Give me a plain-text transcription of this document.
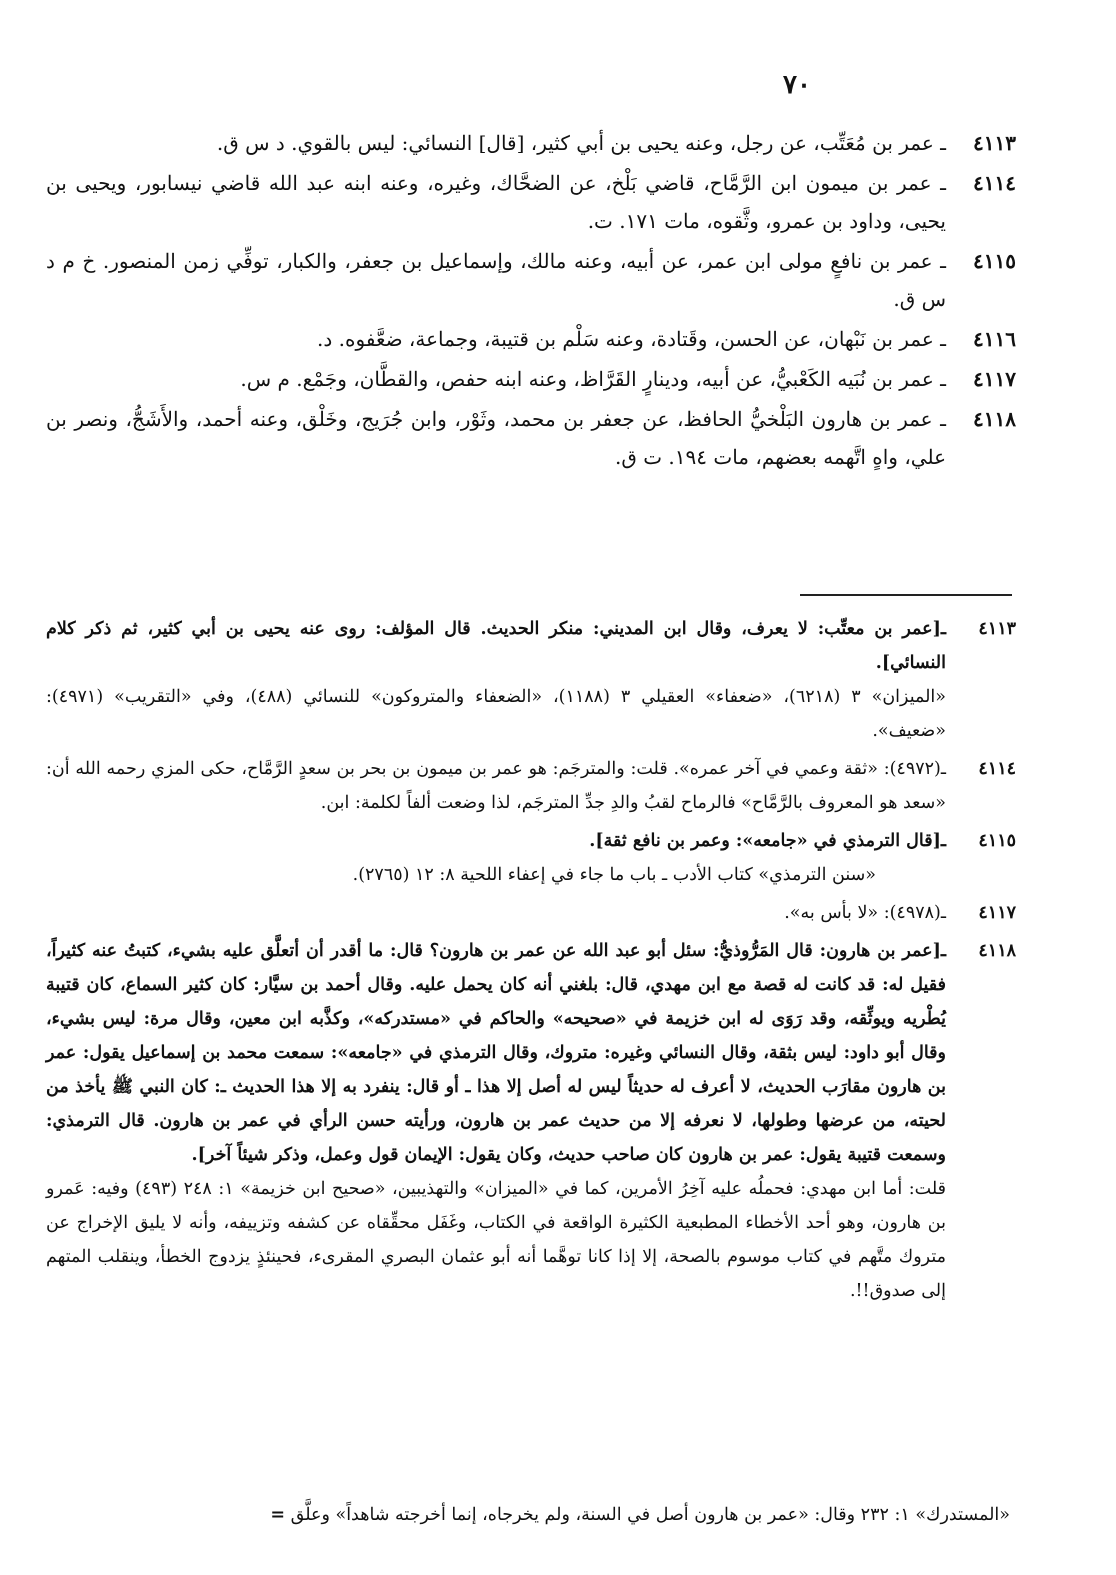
٧٠
٤١١٣
ـ عمر بن مُعَتِّب، عن رجل، وعنه يحيى بن أبي كثير، [قال] النسائي: ليس بالقوي. د س ق.
٤١١٤
ـ عمر بن ميمون ابن الرَّمَّاح، قاضي بَلْخ، عن الضحَّاك، وغيره، وعنه ابنه عبد الله قاضي نيسابور، ويحيى بن يحيى، وداود بن عمرو، وثَّقوه، مات ١٧١. ت.
٤١١٥
ـ عمر بن نافعٍ مولى ابن عمر، عن أبيه، وعنه مالك، وإسماعيل بن جعفر، والكبار، توفِّي زمن المنصور. خ م د س ق.
٤١١٦
ـ عمر بن نَبْهان، عن الحسن، وقَتادة، وعنه سَلْم بن قتيبة، وجماعة، ضعَّفوه. د.
٤١١٧
ـ عمر بن نُبَيه الكَعْبيُّ، عن أبيه، ودينارٍ القَرَّاظ، وعنه ابنه حفص، والقطَّان، وجَمْع. م س.
٤١١٨
ـ عمر بن هارون البَلْخيُّ الحافظ، عن جعفر بن محمد، وثَوْر، وابن جُرَيج، وخَلْق، وعنه أحمد، والأَشَجُّ، ونصر بن علي، واهٍ اتَّهمه بعضهم، مات ١٩٤. ت ق.
٤١١٣
ـ[عمر بن معتِّب: لا يعرف، وقال ابن المديني: منكر الحديث. قال المؤلف: روى عنه يحيى بن أبي كثير، ثم ذكر كلام النسائي].
«الميزان» ٣ (٦٢١٨)، «ضعفاء» العقيلي ٣ (١١٨٨)، «الضعفاء والمتروكون» للنسائي (٤٨٨)، وفي «التقريب» (٤٩٧١): «ضعيف».
٤١١٤
ـ(٤٩٧٢): «ثقة وعمي في آخر عمره». قلت: والمترجَم: هو عمر بن ميمون بن بحر بن سعدٍ الرَّمَّاح، حكى المزي رحمه الله أن: «سعد هو المعروف بالرَّمَّاح» فالرماح لقبُ والدِ جدِّ المترجَم، لذا وضعت ألفاً لكلمة: ابن.
٤١١٥
ـ[قال الترمذي في «جامعه»: وعمر بن نافع ثقة].
«سنن الترمذي» كتاب الأدب ـ باب ما جاء في إعفاء اللحية ٨: ١٢ (٢٧٦٥).
٤١١٧
ـ(٤٩٧٨): «لا بأس به».
٤١١٨
ـ[عمر بن هارون: قال المَرُّوذيُّ: سئل أبو عبد الله عن عمر بن هارون؟ قال: ما أقدر أن أتعلَّق عليه بشيء، كتبتُ عنه كثيراً، فقيل له: قد كانت له قصة مع ابن مهدي، قال: بلغني أنه كان يحمل عليه. وقال أحمد بن سيَّار: كان كثير السماع، كان قتيبة يُطْريه ويوثِّقه، وقد رَوَى له ابن خزيمة في «صحيحه» والحاكم في «مستدركه»، وكذَّبه ابن معين، وقال مرة: ليس بشيء، وقال أبو داود: ليس بثقة، وقال النسائي وغيره: متروك، وقال الترمذي في «جامعه»: سمعت محمد بن إسماعيل يقول: عمر بن هارون مقارَب الحديث، لا أعرف له حديثاً ليس له أصل إلا هذا ـ أو قال: ينفرد به إلا هذا الحديث ـ: كان النبي ﷺ يأخذ من لحيته، من عرضها وطولها، لا نعرفه إلا من حديث عمر بن هارون، ورأيته حسن الرأي في عمر بن هارون. قال الترمذي: وسمعت قتيبة يقول: عمر بن هارون كان صاحب حديث، وكان يقول: الإيمان قول وعمل، وذكر شيئاً آخر].
قلت: أما ابن مهدي: فحملُه عليه آخِرُ الأمرين، كما في «الميزان» والتهذيبين، «صحيح ابن خزيمة» ١: ٢٤٨ (٤٩٣) وفيه: عَمرو بن هارون، وهو أحد الأخطاء المطبعية الكثيرة الواقعة في الكتاب، وغَفَل محقِّقاه عن كشفه وتزييفه، وأنه لا يليق الإخراج عن متروك متَّهم في كتاب موسوم بالصحة، إلا إذا كانا توهَّما أنه أبو عثمان البصري المقرىء، فحينئذٍ يزدوج الخطأ، وينقلب المتهم إلى صدوق!!.
«المستدرك» ١: ٢٣٢ وقال: «عمر بن هارون أصل في السنة، ولم يخرجاه، إنما أخرجته شاهداً» وعلَّق =
